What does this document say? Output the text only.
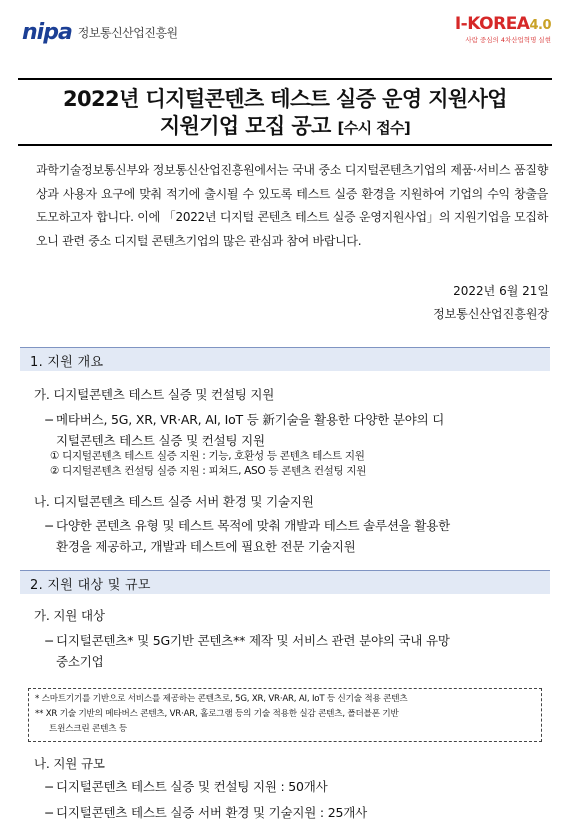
nipa 정보통신산업진흥원	I-KOREA4.0
사람 중심의 4차산업혁명 실현
2022년 디지털콘텐츠 테스트 실증 운영 지원사업
지원기업 모집 공고 [수시 접수]
과학기술정보통신부와 정보통신산업진흥원에서는 국내 중소 디지털콘텐츠기업의 제품·서비스 품질향상과 사용자 요구에 맞춰 적기에 출시될 수 있도록 테스트 실증 환경을 지원하여 기업의 수익 창출을 도모하고자 합니다. 이에 「2022년 디지털 콘텐츠 테스트 실증 운영지원사업」의 지원기업을 모집하오니 관련 중소 디지털 콘텐츠기업의 많은 관심과 참여 바랍니다.
2022년 6월 21일
정보통신산업진흥원장
1. 지원 개요
가. 디지털콘텐츠 테스트 실증 및 컨설팅 지원
− 메타버스, 5G, XR, VR·AR, AI, IoT 등 新기술을 활용한 다양한 분야의 디
지털콘텐츠 테스트 실증 및 컨설팅 지원
① 디지털콘텐츠 테스트 실증 지원 : 기능, 호환성 등 콘텐츠 테스트 지원
② 디지털콘텐츠 컨설팅 실증 지원 : 피쳐드, ASO 등 콘텐츠 컨설팅 지원
나. 디지털콘텐츠 테스트 실증 서버 환경 및 기술지원
− 다양한 콘텐츠 유형 및 테스트 목적에 맞춰 개발과 테스트 솔루션을 활용한
환경을 제공하고, 개발과 테스트에 필요한 전문 기술지원
2. 지원 대상 및 규모
가. 지원 대상
− 디지털콘텐츠* 및 5G기반 콘텐츠** 제작 및 서비스 관련 분야의 국내 유망
중소기업
* 스마트기기를 기반으로 서비스를 제공하는 콘텐츠로, 5G, XR, VR·AR, AI, IoT 등 신기술 적용 콘텐츠
** XR 기술 기반의 메타버스 콘텐츠, VR·AR, 홀로그램 등의 기술 적용한 실감 콘텐츠, 폴더블폰 기반
트윈스크린 콘텐츠 등
나. 지원 규모
− 디지털콘텐츠 테스트 실증 및 컨설팅 지원 : 50개사
− 디지털콘텐츠 테스트 실증 서버 환경 및 기술지원 : 25개사
